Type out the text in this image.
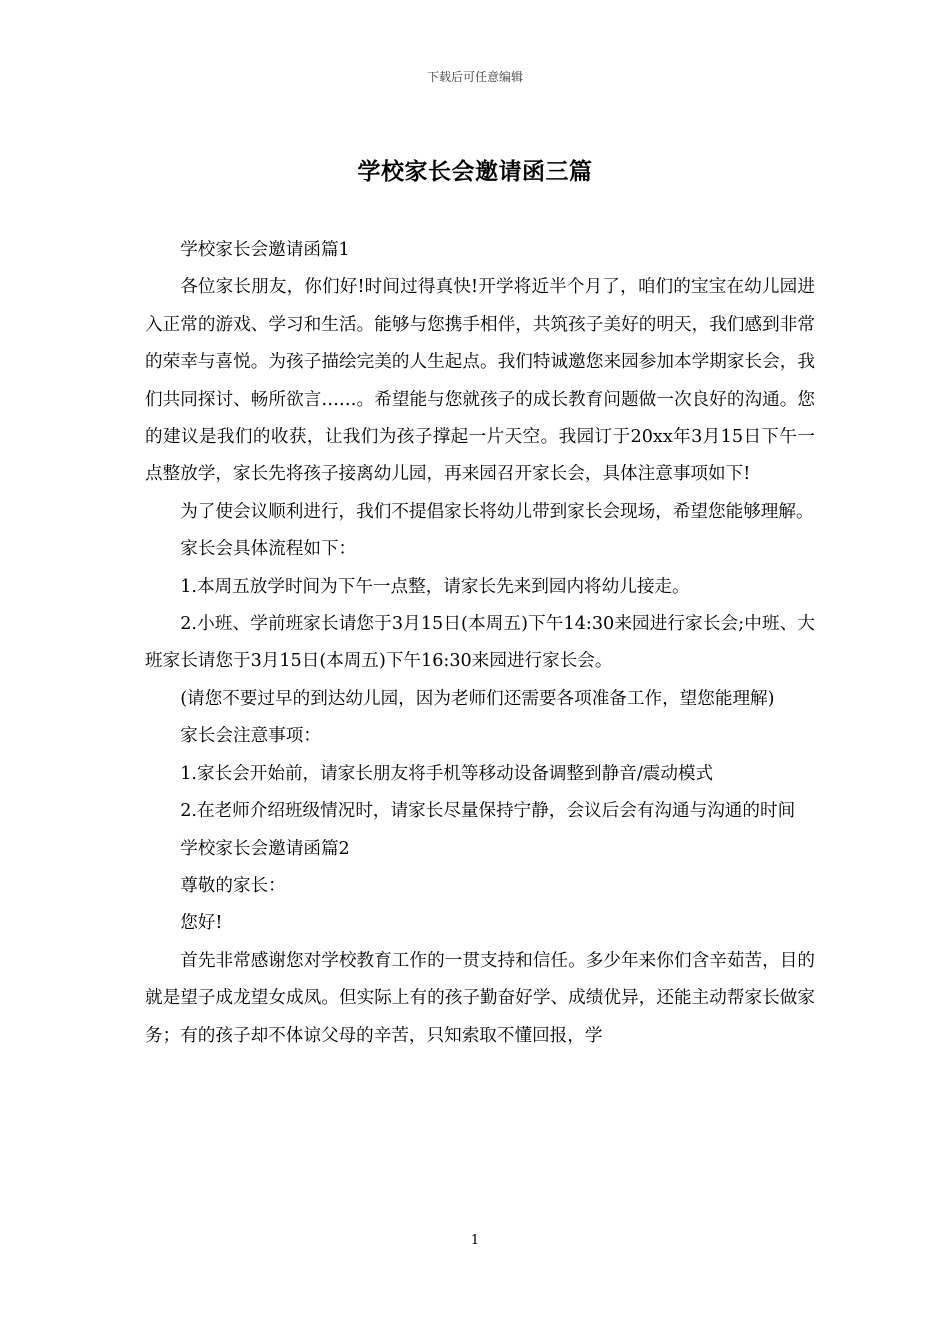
下载后可任意编辑
学校家长会邀请函三篇

学校家长会邀请函篇1

各位家长朋友，你们好!时间过得真快!开学将近半个月了，咱们的宝宝在幼儿园进入正常的游戏、学习和生活。能够与您携手相伴，共筑孩子美好的明天，我们感到非常的荣幸与喜悦。为孩子描绘完美的人生起点。我们特诚邀您来园参加本学期家长会，我们共同探讨、畅所欲言……。希望能与您就孩子的成长教育问题做一次良好的沟通。您的建议是我们的收获，让我们为孩子撑起一片天空。我园订于20xx年3月15日下午一点整放学，家长先将孩子接离幼儿园，再来园召开家长会，具体注意事项如下!

为了使会议顺利进行，我们不提倡家长将幼儿带到家长会现场，希望您能够理解。

家长会具体流程如下：

1.本周五放学时间为下午一点整，请家长先来到园内将幼儿接走。

2.小班、学前班家长请您于3月15日(本周五)下午14:30来园进行家长会;中班、大班家长请您于3月15日(本周五)下午16:30来园进行家长会。

(请您不要过早的到达幼儿园，因为老师们还需要各项准备工作，望您能理解)

家长会注意事项：

1.家长会开始前，请家长朋友将手机等移动设备调整到静音/震动模式

2.在老师介绍班级情况时，请家长尽量保持宁静，会议后会有沟通与沟通的时间

学校家长会邀请函篇2

尊敬的家长：

您好!

首先非常感谢您对学校教育工作的一贯支持和信任。多少年来你们含辛茹苦，目的就是望子成龙望女成凤。但实际上有的孩子勤奋好学、成绩优异，还能主动帮家长做家务；有的孩子却不体谅父母的辛苦，只知索取不懂回报，学

1
